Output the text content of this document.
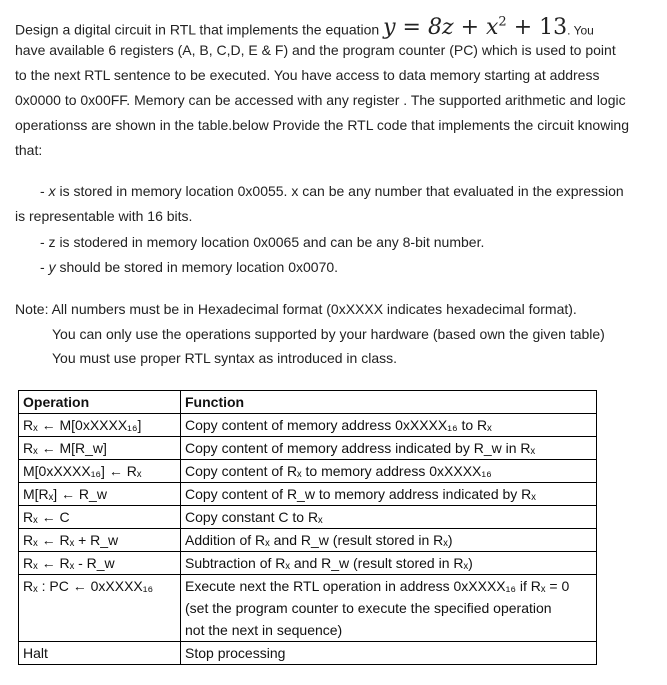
Design a digital circuit in RTL that implements the equation $y = 8z + x^2 + 13$. You
have available 6 registers (A, B, C,D, E & F) and the program counter (PC) which is used to point
to the next RTL sentence to be executed. You have access to data memory starting at address
0x0000 to 0x00FF. Memory can be accessed with any register . The supported arithmetic and logic
operationss are shown in the table.below Provide the RTL code that implements the circuit knowing
that:
- x is stored in memory location 0x0055. x can be any number that evaluated in the expression
is representable with 16 bits.
- z is stodered in memory location 0x0065 and can be any 8-bit number.
- y should be stored in memory location 0x0070.
Note: All numbers must be in Hexadecimal format (0xXXXX indicates hexadecimal format).
You can only use the operations supported by your hardware (based own the given table)
You must use proper RTL syntax as introduced in class.
Operation	Function
Rₓ ← M[0xXXXX₁₆]	Copy content of memory address 0xXXXX₁₆ to Rₓ
Rₓ ← M[R_w]	Copy content of memory address indicated by R_w in Rₓ
M[0xXXXX₁₆] ← Rₓ	Copy content of Rₓ to memory address 0xXXXX₁₆
M[Rₓ] ← R_w	Copy content of R_w to memory address indicated by Rₓ
Rₓ ← C	Copy constant C to Rₓ
Rₓ ← Rₓ + R_w	Addition of Rₓ and R_w (result stored in Rₓ)
Rₓ ← Rₓ - R_w	Subtraction of Rₓ and R_w (result stored in Rₓ)
Rₓ : PC ← 0xXXXX₁₆	Execute next the RTL operation in address 0xXXXX₁₆ if Rₓ = 0
(set the program counter to execute the specified operation
not the next in sequence)

Halt	Stop processing
